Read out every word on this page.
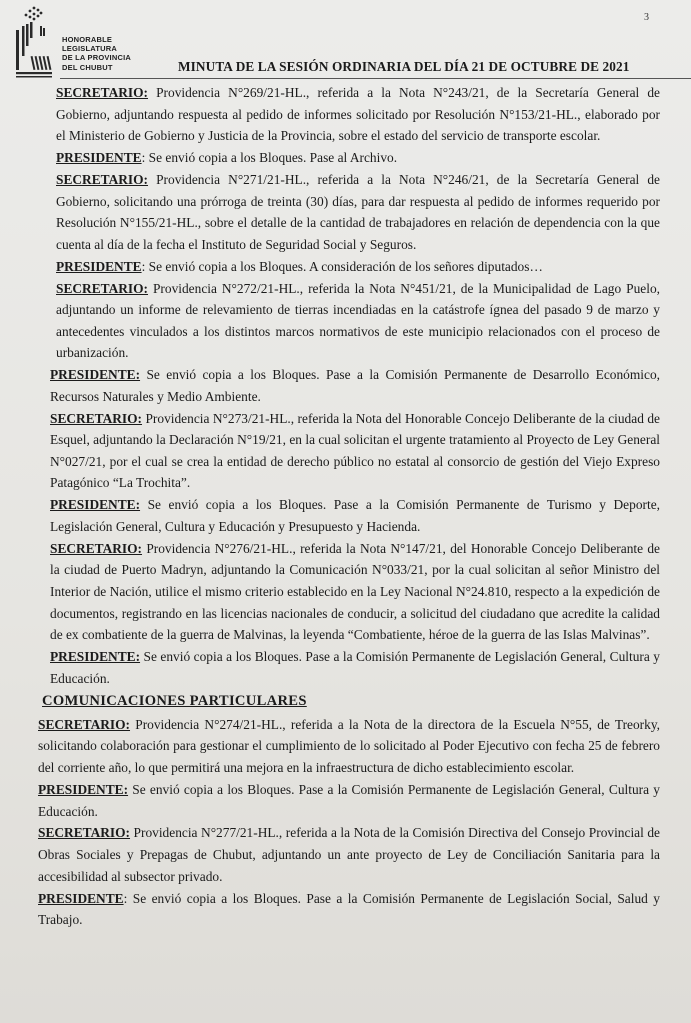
HONORABLE
LEGISLATURA
DE LA PROVINCIA
DEL CHUBUT
3
MINUTA DE LA SESIÓN ORDINARIA DEL DÍA 21 DE OCTUBRE DE 2021

SECRETARIO: Providencia N°269/21-HL., referida a la Nota N°243/21, de la Secretaría General de Gobierno, adjuntando respuesta al pedido de informes solicitado por Resolución N°153/21-HL., elaborado por el Ministerio de Gobierno y Justicia de la Provincia, sobre el estado del servicio de transporte escolar.

PRESIDENTE: Se envió copia a los Bloques. Pase al Archivo.

SECRETARIO: Providencia N°271/21-HL., referida a la Nota N°246/21, de la Secretaría General de Gobierno, solicitando una prórroga de treinta (30) días, para dar respuesta al pedido de informes requerido por Resolución N°155/21-HL., sobre el detalle de la cantidad de trabajadores en relación de dependencia con la que cuenta al día de la fecha el Instituto de Seguridad Social y Seguros.

PRESIDENTE: Se envió copia a los Bloques. A consideración de los señores diputados…

SECRETARIO: Providencia N°272/21-HL., referida la Nota N°451/21, de la Municipalidad de Lago Puelo, adjuntando un informe de relevamiento de tierras incendiadas en la catástrofe ígnea del pasado 9 de marzo y antecedentes vinculados a los distintos marcos normativos de este municipio relacionados con el proceso de urbanización.

PRESIDENTE: Se envió copia a los Bloques. Pase a la Comisión Permanente de Desarrollo Económico, Recursos Naturales y Medio Ambiente.

SECRETARIO: Providencia N°273/21-HL., referida la Nota del Honorable Concejo Deliberante de la ciudad de Esquel, adjuntando la Declaración N°19/21, en la cual solicitan el urgente tratamiento al Proyecto de Ley General N°027/21, por el cual se crea la entidad de derecho público no estatal al consorcio de gestión del Viejo Expreso Patagónico “La Trochita”.

PRESIDENTE: Se envió copia a los Bloques. Pase a la Comisión Permanente de Turismo y Deporte, Legislación General, Cultura y Educación y Presupuesto y Hacienda.

SECRETARIO: Providencia N°276/21-HL., referida la Nota N°147/21, del Honorable Concejo Deliberante de la ciudad de Puerto Madryn, adjuntando la Comunicación N°033/21, por la cual solicitan al señor Ministro del Interior de Nación, utilice el mismo criterio establecido en la Ley Nacional N°24.810, respecto a la expedición de documentos, registrando en las licencias nacionales de conducir, a solicitud del ciudadano que acredite la calidad de ex combatiente de la guerra de Malvinas, la leyenda “Combatiente, héroe de la guerra de las Islas Malvinas”.

PRESIDENTE: Se envió copia a los Bloques. Pase a la Comisión Permanente de Legislación General, Cultura y Educación.

COMUNICACIONES PARTICULARES

SECRETARIO: Providencia N°274/21-HL., referida a la Nota de la directora de la Escuela N°55, de Treorky, solicitando colaboración para gestionar el cumplimiento de lo solicitado al Poder Ejecutivo con fecha 25 de febrero del corriente año, lo que permitirá una mejora en la infraestructura de dicho establecimiento escolar.

PRESIDENTE: Se envió copia a los Bloques. Pase a la Comisión Permanente de Legislación General, Cultura y Educación.

SECRETARIO: Providencia N°277/21-HL., referida a la Nota de la Comisión Directiva del Consejo Provincial de Obras Sociales y Prepagas de Chubut, adjuntando un ante proyecto de Ley de Conciliación Sanitaria para la accesibilidad al subsector privado.

PRESIDENTE: Se envió copia a los Bloques. Pase a la Comisión Permanente de Legislación Social, Salud y Trabajo.
